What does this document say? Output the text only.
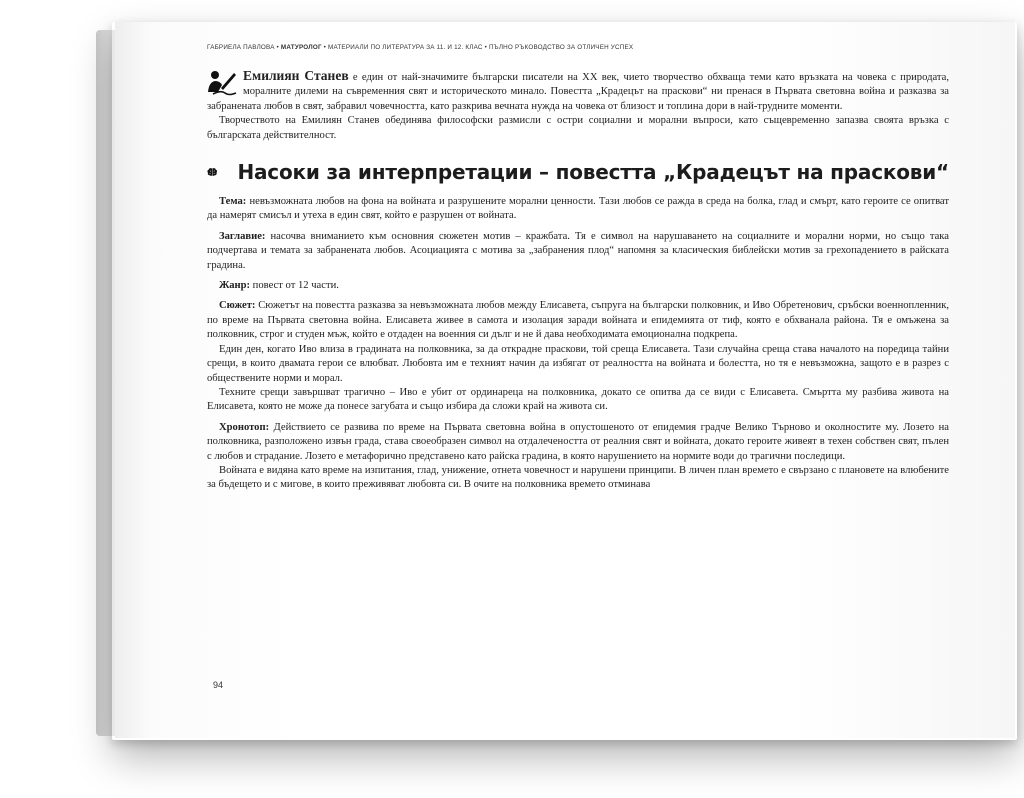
ГАБРИЕЛА ПАВЛОВА • МАТУРОЛОГ • МАТЕРИАЛИ ПО ЛИТЕРАТУРА ЗА 11. И 12. КЛАС • ПЪЛНО РЪКОВОДСТВО ЗА ОТЛИЧЕН УСПЕХ

Емилиян Станев е един от най-значимите български писатели на XX век, чието творчество обхваща теми като връзката на човека с природата, моралните дилеми на съвременния свят и историческото минало. Повестта „Крадецът на праскови“ ни пренася в Първата световна война и разказва за забранената любов в свят, забравил човечността, като разкрива вечната нужда на човека от близост и топлина дори в най-трудните моменти.

Творчеството на Емилиян Станев обединява философски размисли с остри социални и морални въпроси, като същевременно запазва своята връзка с българската действителност.

Насоки за интерпретации – повестта „Крадецът на праскови“

Тема: невъзможната любов на фона на войната и разрушените морални ценности. Тази любов се ражда в среда на болка, глад и смърт, като героите се опитват да намерят смисъл и утеха в един свят, който е разрушен от войната.

Заглавие: насочва вниманието към основния сюжетен мотив – кражбата. Тя е символ на нарушаването на социалните и морални норми, но също така подчертава и темата за забранената любов. Асоциацията с мотива за „забранения плод“ напомня за класическия библейски мотив за грехопадението в райската градина.

Жанр: повест от 12 части.

Сюжет: Сюжетът на повестта разказва за невъзможната любов между Елисавета, съпруга на български полковник, и Иво Обретенович, сръбски военнопленник, по време на Първата световна война. Елисавета живее в самота и изолация заради войната и епидемията от тиф, която е обхванала района. Тя е омъжена за полковник, строг и студен мъж, който е отдаден на военния си дълг и не й дава необходимата емоционална подкрепа.

Един ден, когато Иво влиза в градината на полковника, за да открадне праскови, той среща Елисавета. Тази случайна среща става началото на поредица тайни срещи, в които двамата герои се влюбват. Любовта им е техният начин да избягат от реалността на войната и болестта, но тя е невъзможна, защото е в разрез с обществените норми и морал.

Техните срещи завършват трагично – Иво е убит от ординареца на полковника, докато се опитва да се види с Елисавета. Смъртта му разбива живота на Елисавета, която не може да понесе загубата и също избира да сложи край на живота си.

Хронотоп: Действието се развива по време на Първата световна война в опустошеното от епидемия градче Велико Търново и околностите му. Лозето на полковника, разположено извън града, става своеобразен символ на отдалечеността от реалния свят и войната, докато героите живеят в техен собствен свят, пълен с любов и страдание. Лозето е метафорично представено като райска градина, в която нарушението на нормите води до трагични последици.

Войната е видяна като време на изпитания, глад, унижение, отнета човечност и нарушени принципи. В личен план времето е свързано с плановете на влюбените за бъдещето и с мигове, в които преживяват любовта си. В очите на полковника времето отминава

94
